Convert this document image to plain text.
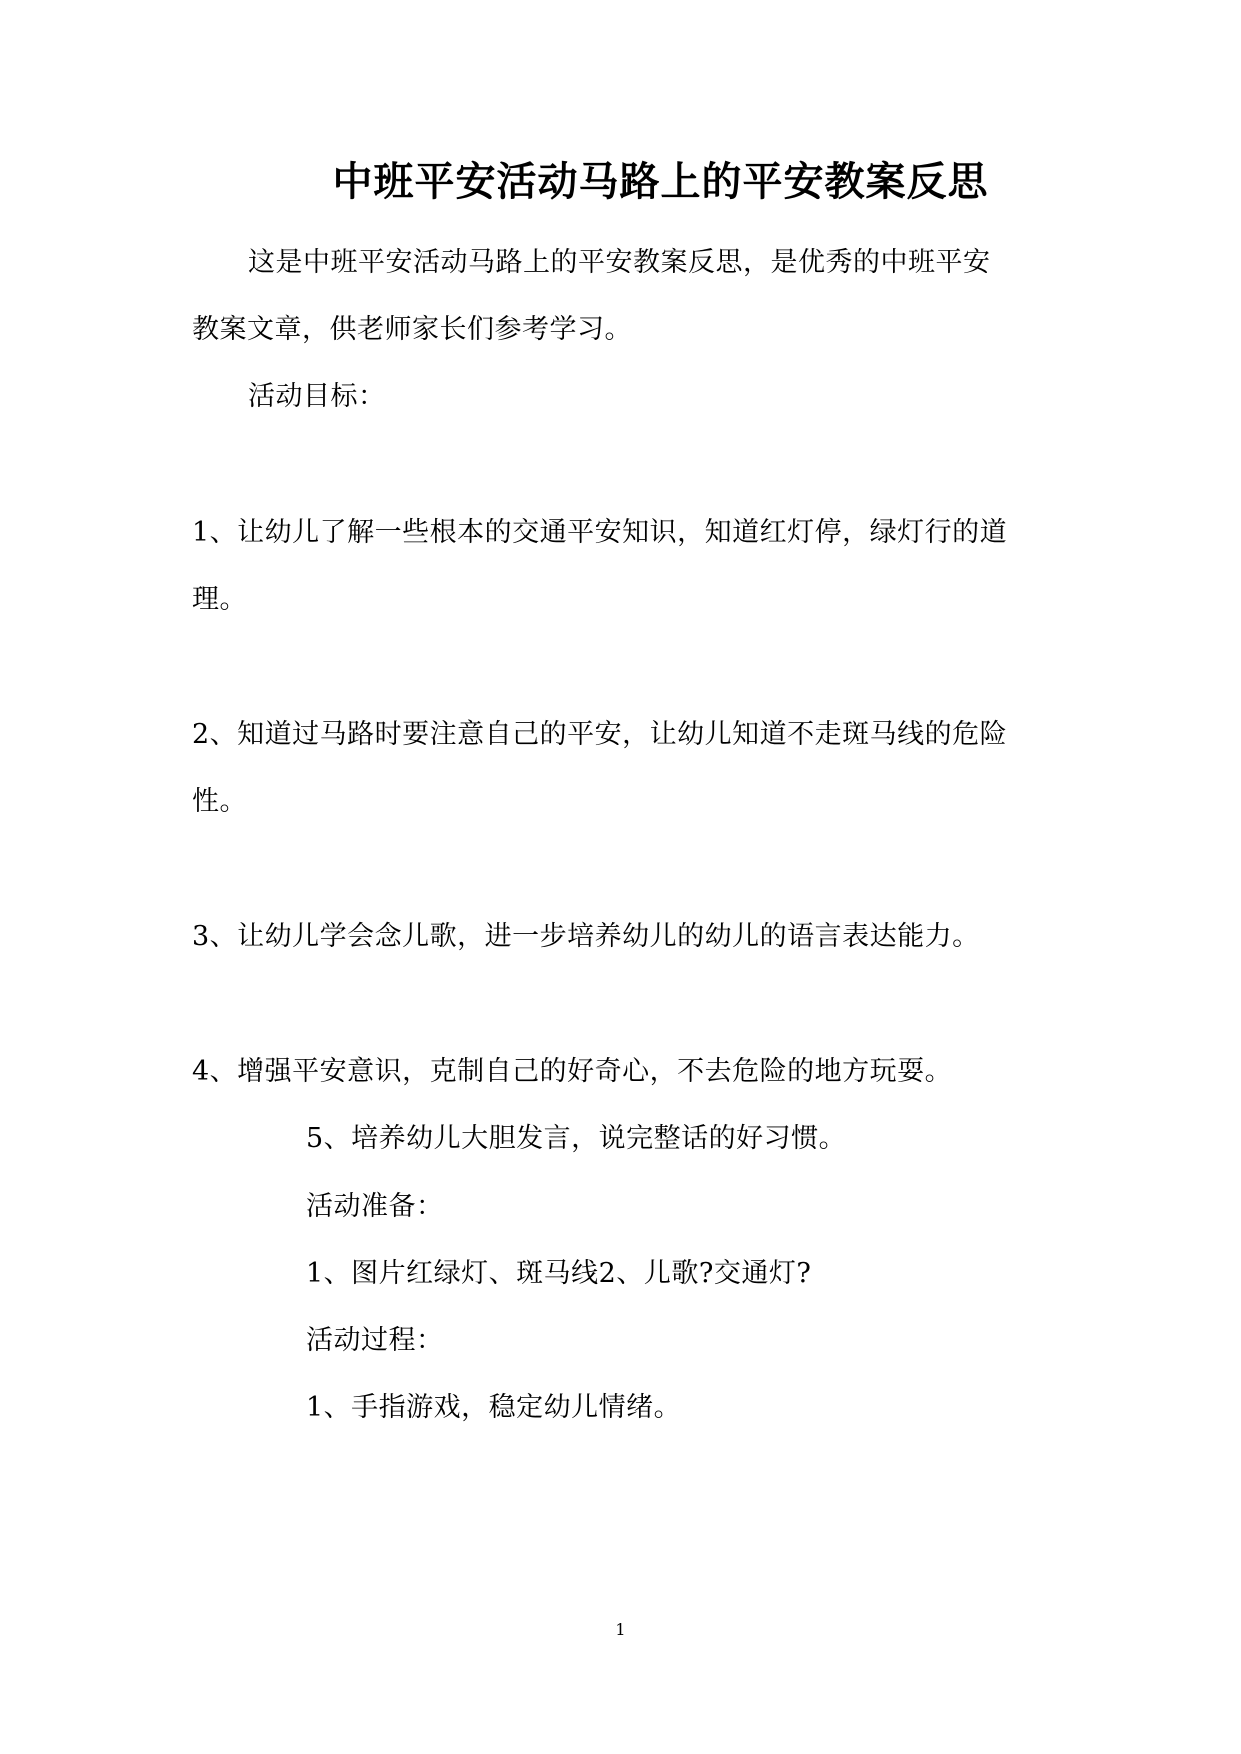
中班平安活动马路上的平安教案反思
这是中班平安活动马路上的平安教案反思，是优秀的中班平安
教案文章，供老师家长们参考学习。
活动目标：
1、让幼儿了解一些根本的交通平安知识，知道红灯停，绿灯行的道
理。
2、知道过马路时要注意自己的平安，让幼儿知道不走斑马线的危险
性。
3、让幼儿学会念儿歌，进一步培养幼儿的幼儿的语言表达能力。
4、增强平安意识，克制自己的好奇心，不去危险的地方玩耍。
5、培养幼儿大胆发言，说完整话的好习惯。
活动准备：
1、图片红绿灯、斑马线2、儿歌?交通灯?
活动过程：
1、手指游戏，稳定幼儿情绪。
1
